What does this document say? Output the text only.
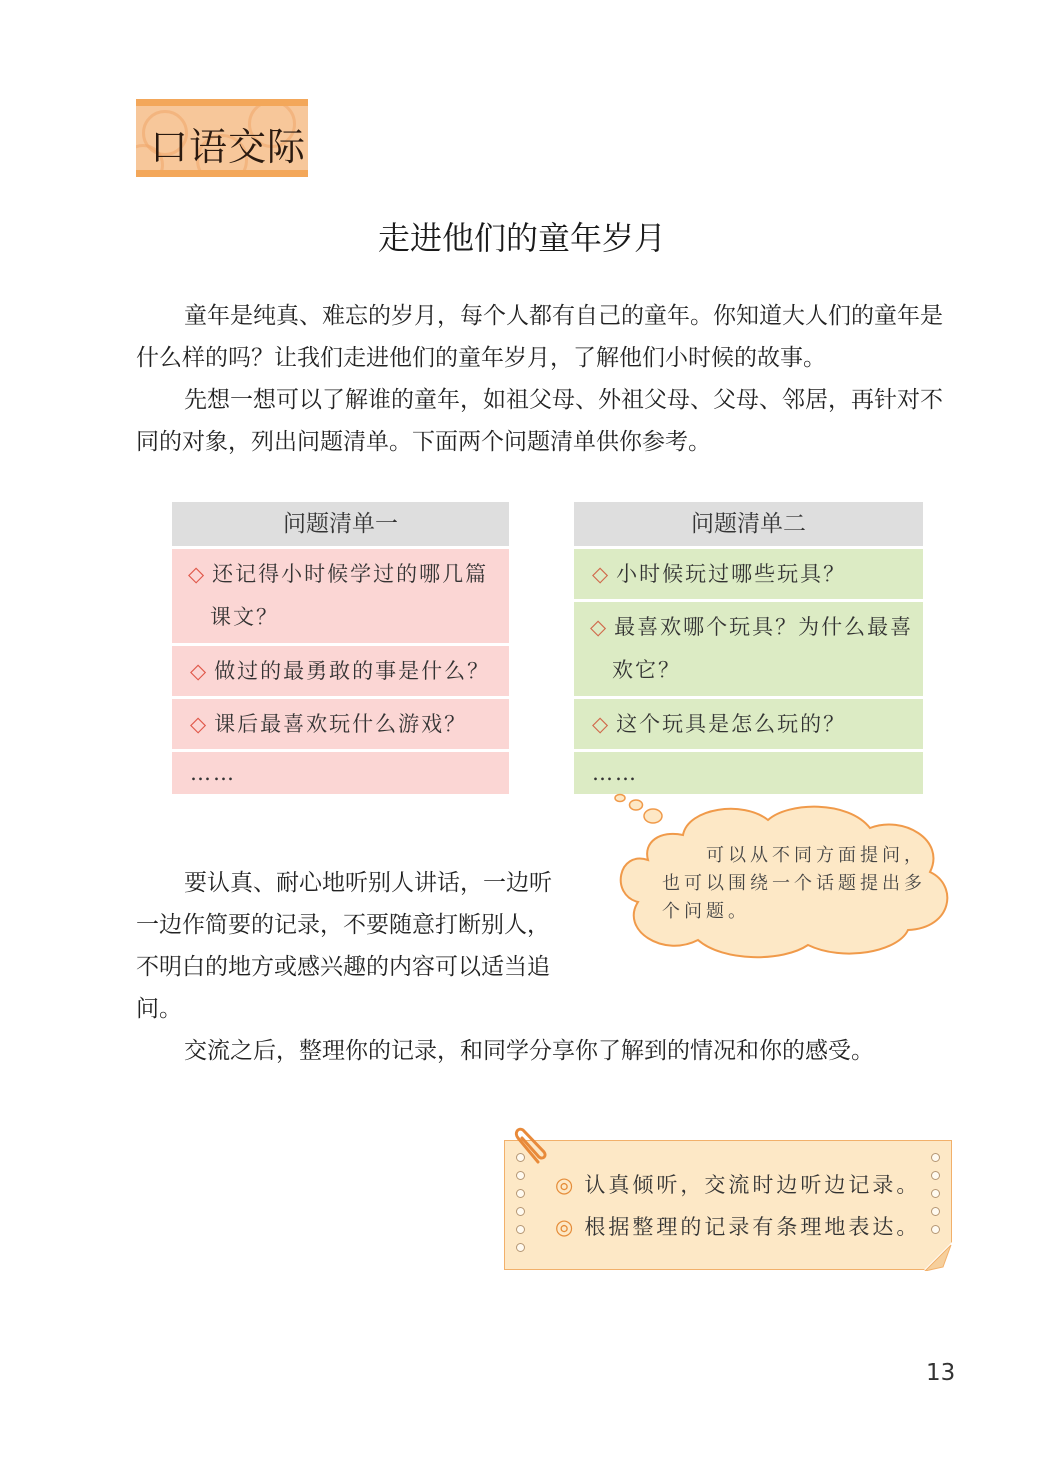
口语交际
走进他们的童年岁月

童年是纯真、难忘的岁月，每个人都有自己的童年。你知道大人们的童年是什么样的吗？让我们走进他们的童年岁月，了解他们小时候的故事。

先想一想可以了解谁的童年，如祖父母、外祖父母、父母、邻居，再针对不同的对象，列出问题清单。下面两个问题清单供你参考。

问题清单一
◇ 还记得小时候学过的哪几篇课文？
◇ 做过的最勇敢的事是什么？
◇ 课后最喜欢玩什么游戏？
……
问题清单二
◇ 小时候玩过哪些玩具？
◇ 最喜欢哪个玩具？为什么最喜欢它？
◇ 这个玩具是怎么玩的？
……
可以从不同方面提问，也可以围绕一个话题提出多个问题。

要认真、耐心地听别人讲话，一边听一边作简要的记录，不要随意打断别人，不明白的地方或感兴趣的内容可以适当追问。

交流之后，整理你的记录，和同学分享你了解到的情况和你的感受。

◎ 认真倾听，交流时边听边记录。
◎ 根据整理的记录有条理地表达。
13
